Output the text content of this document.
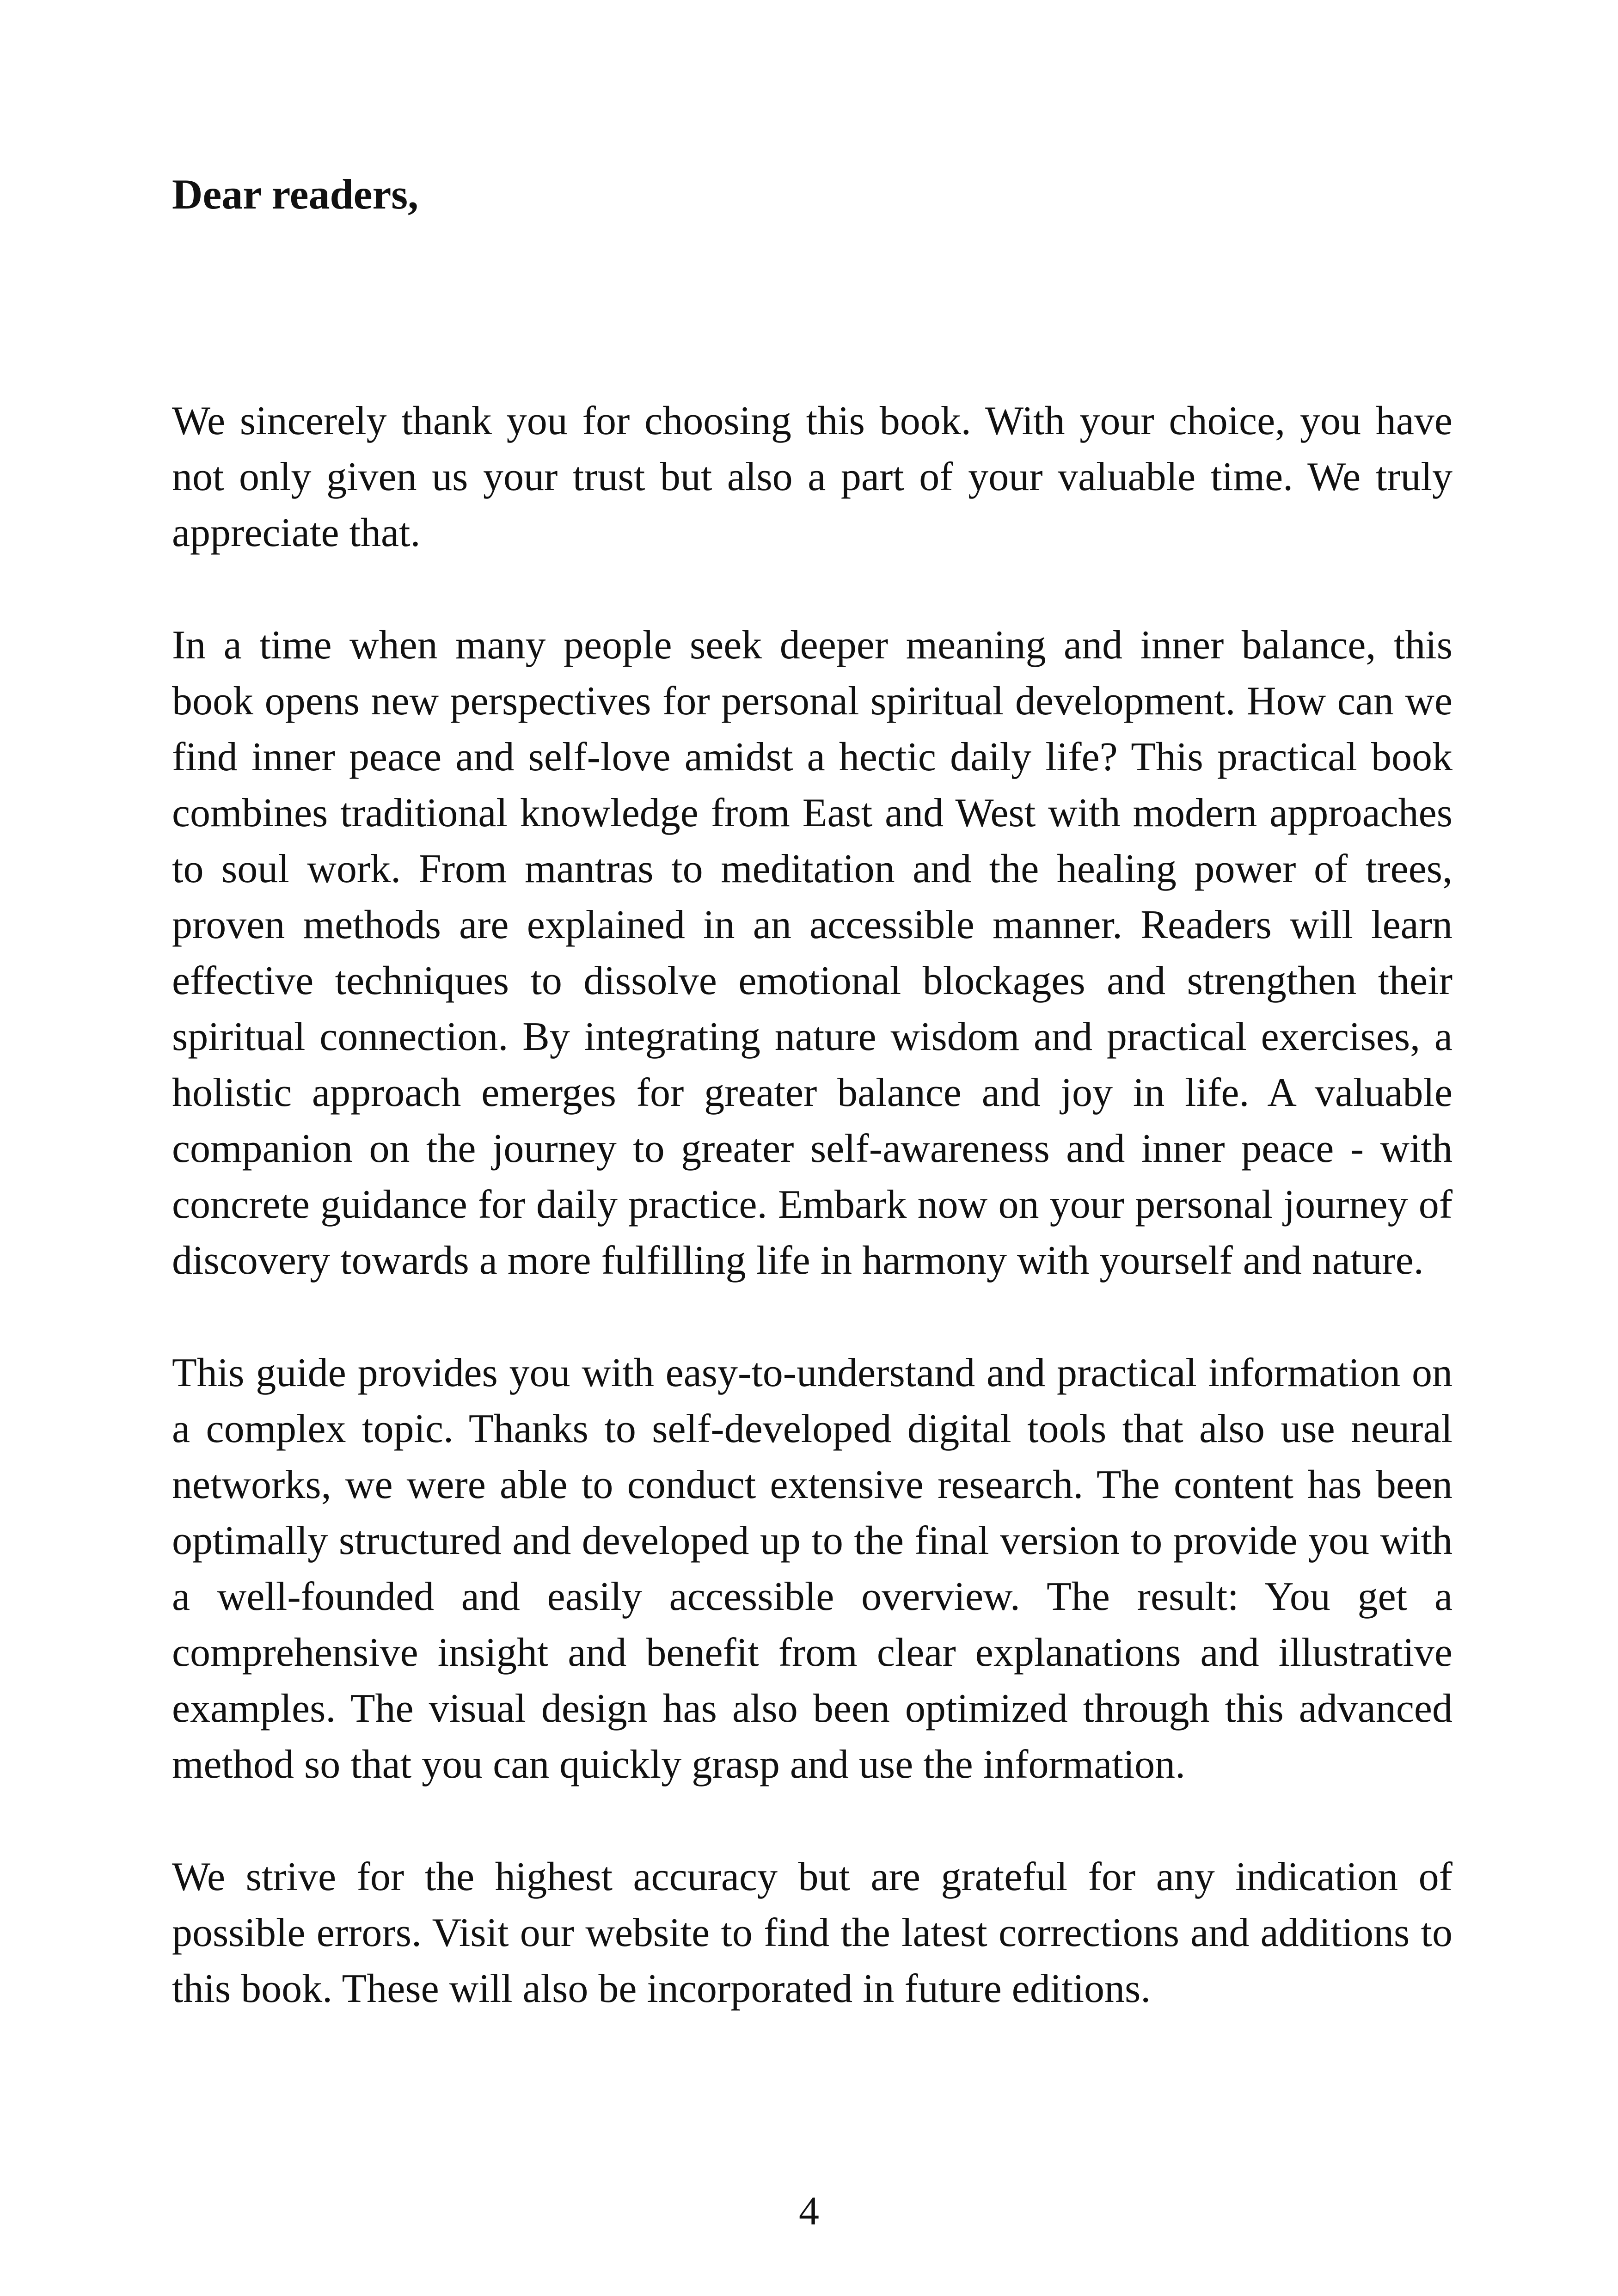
Dear readers,

We sincerely thank you for choosing this book. With your choice, you have not only given us your trust but also a part of your valuable time. We truly appreciate that.

In a time when many people seek deeper meaning and inner balance, this book opens new perspectives for personal spiritual development. How can we find inner peace and self-love amidst a hectic daily life? This practical book combines traditional knowledge from East and West with modern approaches to soul work. From mantras to meditation and the healing power of trees, proven methods are explained in an accessible manner. Readers will learn effective techniques to dissolve emotional blockages and strengthen their spiritual connection. By integrating nature wisdom and practical exercises, a holistic approach emerges for greater balance and joy in life. A valuable companion on the journey to greater self-awareness and inner peace - with concrete guidance for daily practice. Embark now on your personal journey of discovery towards a more fulfilling life in harmony with yourself and nature.

This guide provides you with easy-to-understand and practical information on a complex topic. Thanks to self-developed digital tools that also use neural networks, we were able to conduct extensive research. The content has been optimally structured and developed up to the final version to provide you with a well-founded and easily accessible overview. The result: You get a comprehensive insight and benefit from clear explanations and illustrative examples. The visual design has also been optimized through this advanced method so that you can quickly grasp and use the information.

We strive for the highest accuracy but are grateful for any indication of possible errors. Visit our website to find the latest corrections and additions to this book. These will also be incorporated in future editions.

4
